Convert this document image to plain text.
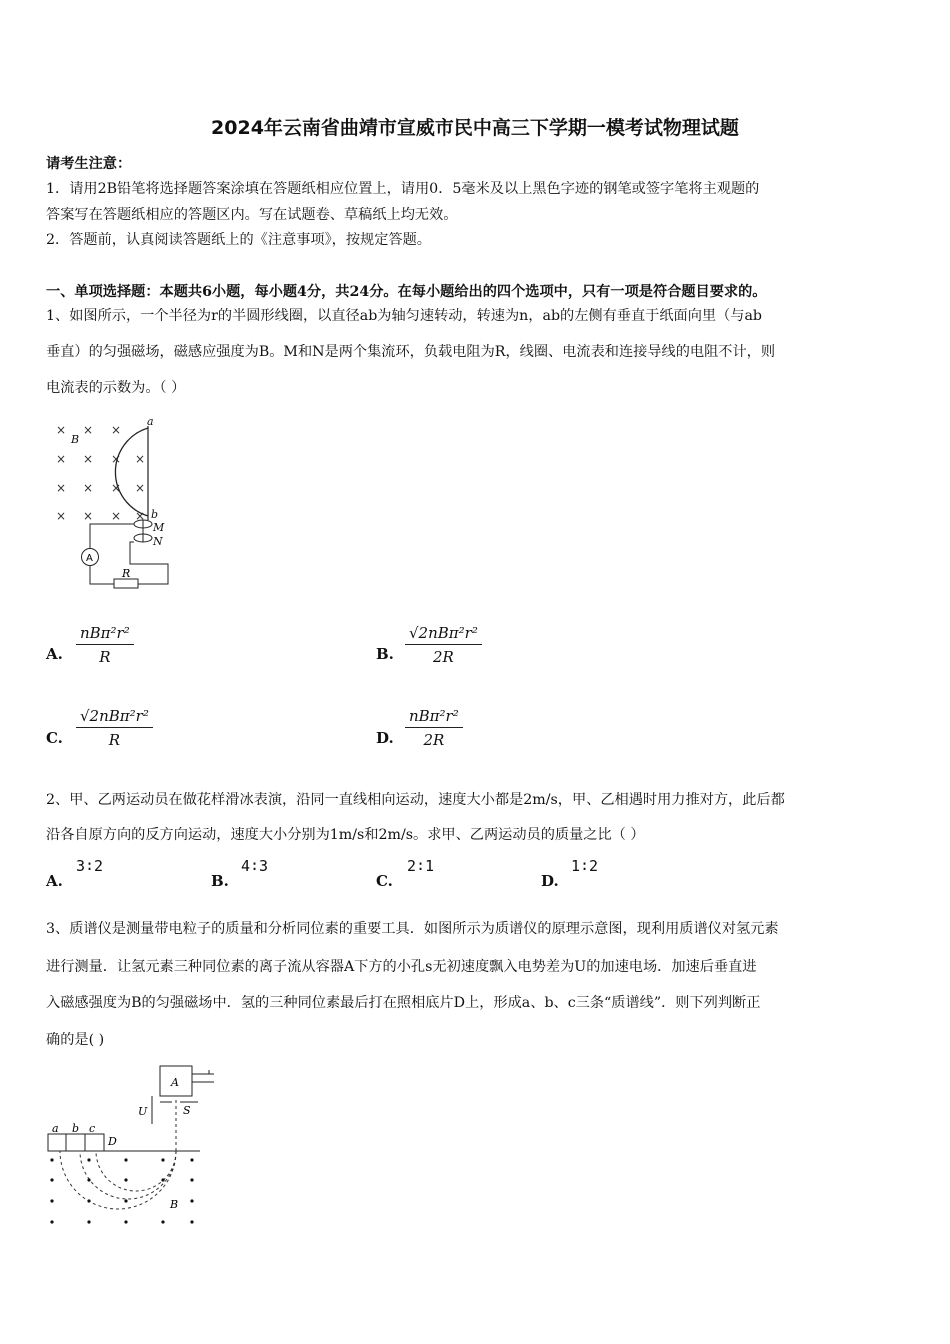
2024年云南省曲靖市宣威市民中高三下学期一模考试物理试题
请考生注意：
1．请用2B铅笔将选择题答案涂填在答题纸相应位置上，请用0．5毫米及以上黑色字迹的钢笔或签字笔将主观题的
答案写在答题纸相应的答题区内。写在试题卷、草稿纸上均无效。
2．答题前，认真阅读答题纸上的《注意事项》，按规定答题。
一、单项选择题：本题共6小题，每小题4分，共24分。在每小题给出的四个选项中，只有一项是符合题目要求的。
1、如图所示，一个半径为r的半圆形线圈，以直径ab为轴匀速转动，转速为n，ab的左侧有垂直于纸面向里（与ab
垂直）的匀强磁场，磁感应强度为B。M和N是两个集流环，负载电阻为R，线圈、电流表和连接导线的电阻不计，则
电流表的示数为。（ ）
× × ×
× × × ×
× × × ×
× × × ×
A
R
a
B
b
M
N
A.
nBπ²r²
R	B.
√2nBπ²r²
2R
C.
√2nBπ²r²
R	D.
nBπ²r²
2R
2、甲、乙两运动员在做花样滑冰表演，沿同一直线相向运动，速度大小都是2m/s，甲、乙相遇时用力推对方，此后都
沿各自原方向的反方向运动，速度大小分别为1m/s和2m/s。求甲、乙两运动员的质量之比（ ）
A.
3∶2
B.
4∶3
C.
2∶1
D.
1∶2
3、质谱仪是测量带电粒子的质量和分析同位素的重要工具．如图所示为质谱仪的原理示意图，现利用质谱仪对氢元素
进行测量．让氢元素三种同位素的离子流从容器A下方的小孔s无初速度飘入电势差为U的加速电场．加速后垂直进
入磁感强度为B的匀强磁场中．氢的三种同位素最后打在照相底片D上，形成a、b、c三条“质谱线”．则下列判断正
确的是( )
A
U	S
a b c
D
B
